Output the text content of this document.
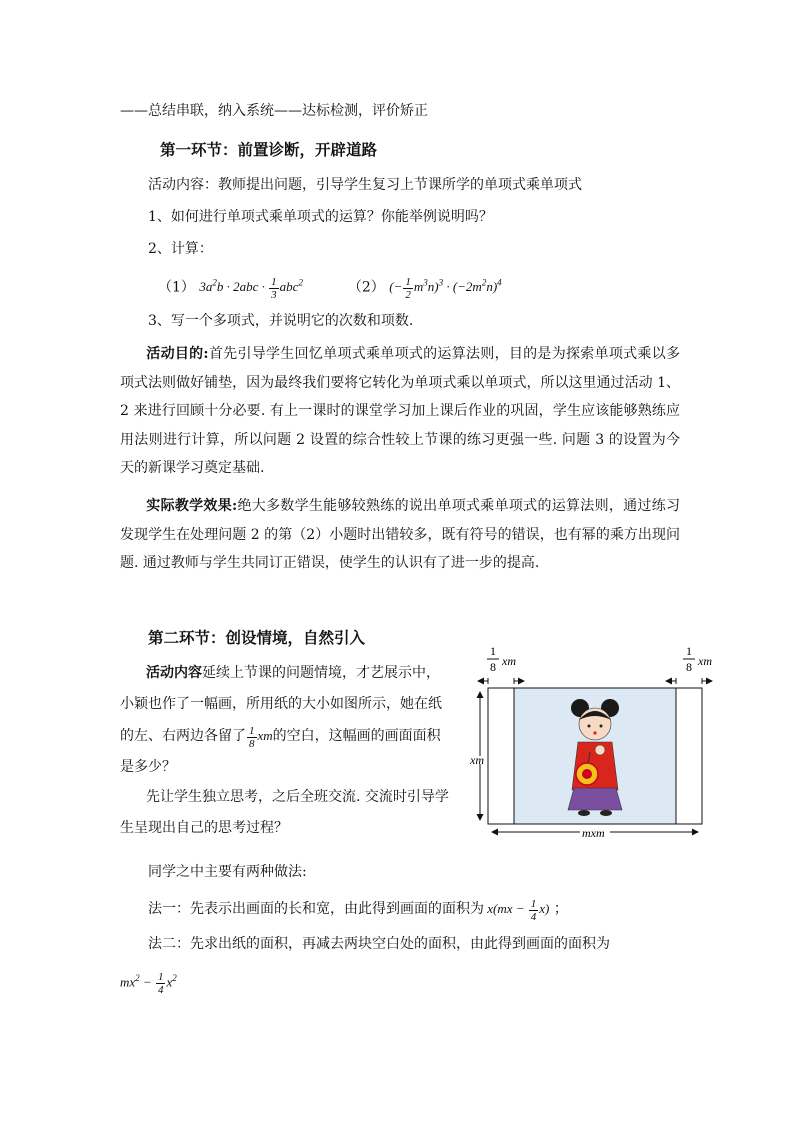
——总结串联，纳入系统——达标检测，评价矫正
第一环节：前置诊断，开辟道路
活动内容：教师提出问题，引导学生复习上节课所学的单项式乘单项式
1、如何进行单项式乘单项式的运算？你能举例说明吗？
2、计算：
（1） $3a^2b \cdot 2abc \cdot \frac{1}{3} abc^2$	（2） (− $\frac{1}{2} m^3n)^3 \cdot (-2m^2n)^4$
3、写一个多项式，并说明它的次数和项数.
活动目的:首先引导学生回忆单项式乘单项式的运算法则，目的是为探索单项式乘以多项式法则做好铺垫，因为最终我们要将它转化为单项式乘以单项式，所以这里通过活动 1、2 来进行回顾十分必要. 有上一课时的课堂学习加上课后作业的巩固，学生应该能够熟练应用法则进行计算，所以问题 2 设置的综合性较上节课的练习更强一些. 问题 3 的设置为今天的新课学习奠定基础.
实际教学效果:绝大多数学生能够较熟练的说出单项式乘单项式的运算法则，通过练习发现学生在处理问题 2 的第（2）小题时出错较多，既有符号的错误，也有幂的乘方出现问题. 通过教师与学生共同订正错误，使学生的认识有了进一步的提高.
第二环节：创设情境，自然引入
活动内容延续上节课的问题情境，才艺展示中，小颖也作了一幅画，所用纸的大小如图所示，她在纸的左、右两边各留了 $\frac{1}{8}$ xm的空白，这幅画的画面面积是多少？
先让学生独立思考，之后全班交流. 交流时引导学生呈现出自己的思考过程？
同学之中主要有两种做法:
法一：先表示出画面的长和宽，由此得到画面的面积为 $x(mx - \frac{1}{4} x)$ ；
法二：先求出纸的面积，再减去两块空白处的面积，由此得到画面的面积为
$mx^2 - \frac{1}{4} x^2$
1
8 xm
1
8 xm
xm
mxm
